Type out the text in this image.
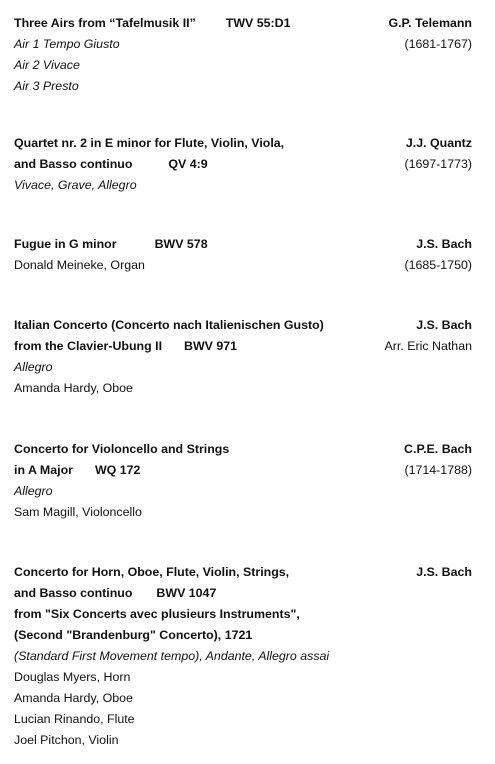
Three Airs from “Tafelmusik II” TWV 55:D1	G.P. Telemann
Air 1 Tempo Giusto	(1681-1767)
Air 2 Vivace
Air 3 Presto
Quartet nr. 2 in E minor for Flute, Violin, Viola,	J.J. Quantz
and Basso continuo	QV 4:9	(1697-1773)
Vivace, Grave, Allegro
Fugue in G minor	BWV 578	J.S. Bach
Donald Meineke, Organ	(1685-1750)
Italian Concerto (Concerto nach Italienischen Gusto)	J.S. Bach
from the Clavier-Ubung II BWV 971	Arr. Eric Nathan
Allegro
Amanda Hardy, Oboe
Concerto for Violoncello and Strings	C.P.E. Bach
in A Major WQ 172	(1714-1788)
Allegro
Sam Magill, Violoncello
Concerto for Horn, Oboe, Flute, Violin, Strings,	J.S. Bach
and Basso continuo BWV 1047
from "Six Concerts avec plusieurs Instruments",
(Second "Brandenburg" Concerto), 1721
(Standard First Movement tempo), Andante, Allegro assai
Douglas Myers, Horn
Amanda Hardy, Oboe
Lucian Rinando, Flute
Joel Pitchon, Violin
